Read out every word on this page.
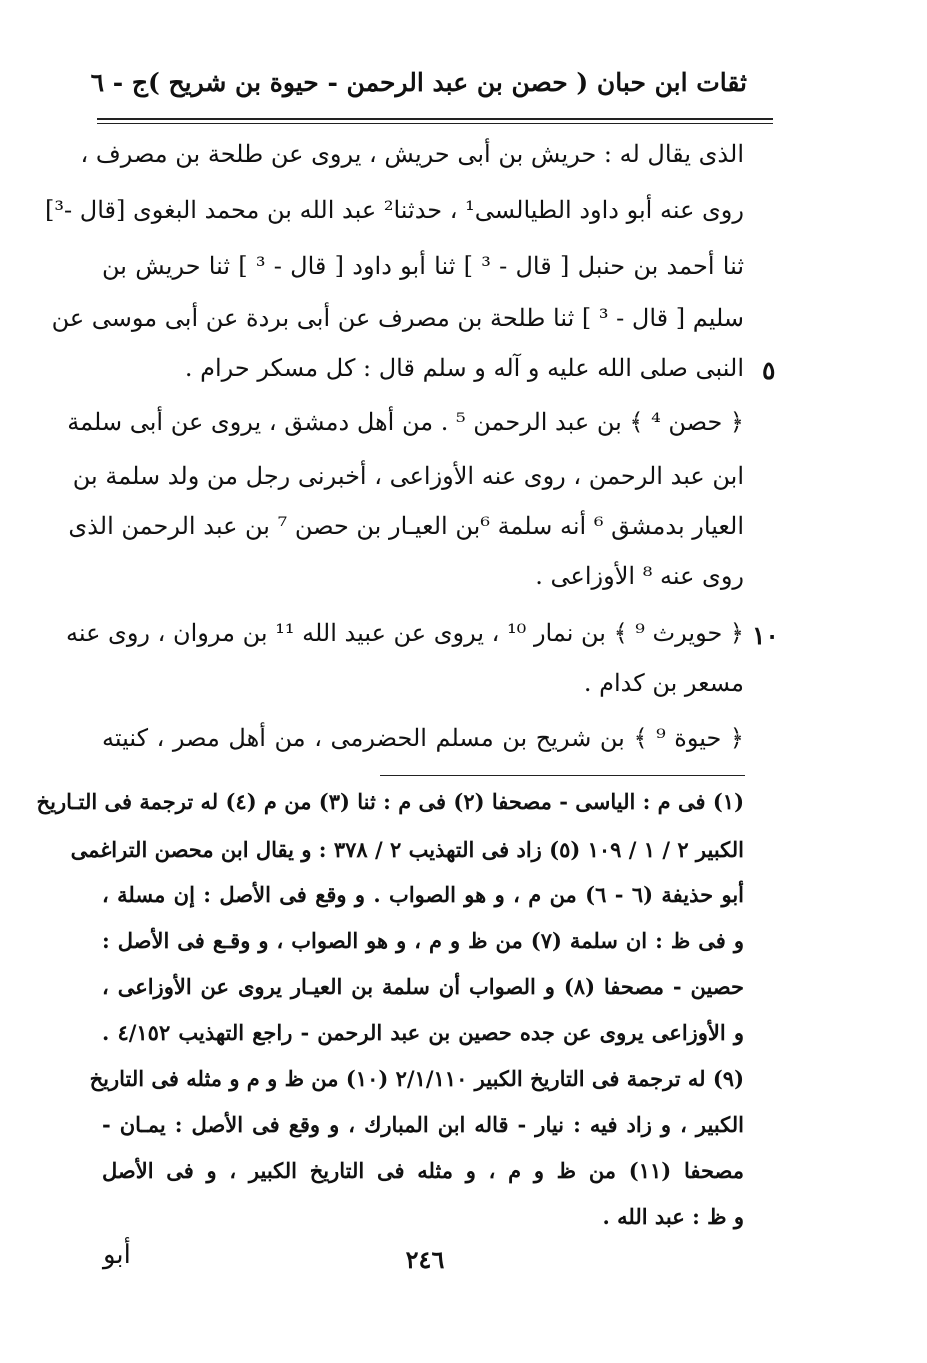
ثقات ابن حبان ( حصن بن عبد الرحمن - حيوة بن شريح )
ج - ٦
الذى يقال له : حريش بن أبى حريش ، يروى عن طلحة بن مصرف ،
روى عنه أبو داود الطيالسى¹ ، حدثنا² عبد الله بن محمد البغوى [قال -³]
ثنا أحمد بن حنبل [ قال - ³ ] ثنا أبو داود [ قال - ³ ] ثنا حريش بن
سليم [ قال - ³ ] ثنا طلحة بن مصرف عن أبى بردة عن أبى موسى عن
النبى صلى الله عليه و آله و سلم قال : كل مسكر حرام . ٥
﴿ حصن ⁴ ﴾ بن عبد الرحمن ⁵ . من أهل دمشق ، يروى عن أبى سلمة
ابن عبد الرحمن ، روى عنه الأوزاعى ، أخبرنى رجل من ولد سلمة بن
العيار بدمشق ⁶ أنه سلمة ⁶بن العيـار بن حصن ⁷ بن عبد الرحمن الذى
روى عنه ⁸ الأوزاعى .
﴿ حويرث ⁹ ﴾ بن نمار ¹⁰ ، يروى عن عبيد الله ¹¹ بن مروان ، روى عنه ١٠
مسعر بن كدام .
﴿ حيوة ⁹ ﴾ بن شريح بن مسلم الحضرمى ، من أهل مصر ، كنيته
(١) فى م : الياسى - مصحفا (٢) فى م : ثنا (٣) من م (٤) له ترجمة فى التـاريخ
الكبير ٢ / ١ / ١٠٩ (٥) زاد فى التهذيب ٢ / ٣٧٨ : و يقال ابن محصن التراغمى
أبو حذيفة (٦ - ٦) من م ، و هو الصواب . و وقع فى الأصل : إن مسلة ،
و فى ظ : ان سلمة (٧) من ظ و م ، و هو الصواب ، و وقـع فى الأصل :
حصين - مصحفا (٨) و الصواب أن سلمة بن العيـار يروى عن الأوزاعى ،
و الأوزاعى يروى عن جده حصين بن عبد الرحمن - راجع التهذيب ٤/١٥٢ .
(٩) له ترجمة فى التاريخ الكبير ٢/١/١١٠ (١٠) من ظ و م و مثله فى التاريخ
الكبير ، و زاد فيه : نيار - قاله ابن المبارك ، و وقع فى الأصل : يمـان -
مصحفا (١١) من ظ و م ، و مثله فى التاريخ الكبير ، و فى الأصل
و ظ : عبد الله .
٢٤٦
أبو
